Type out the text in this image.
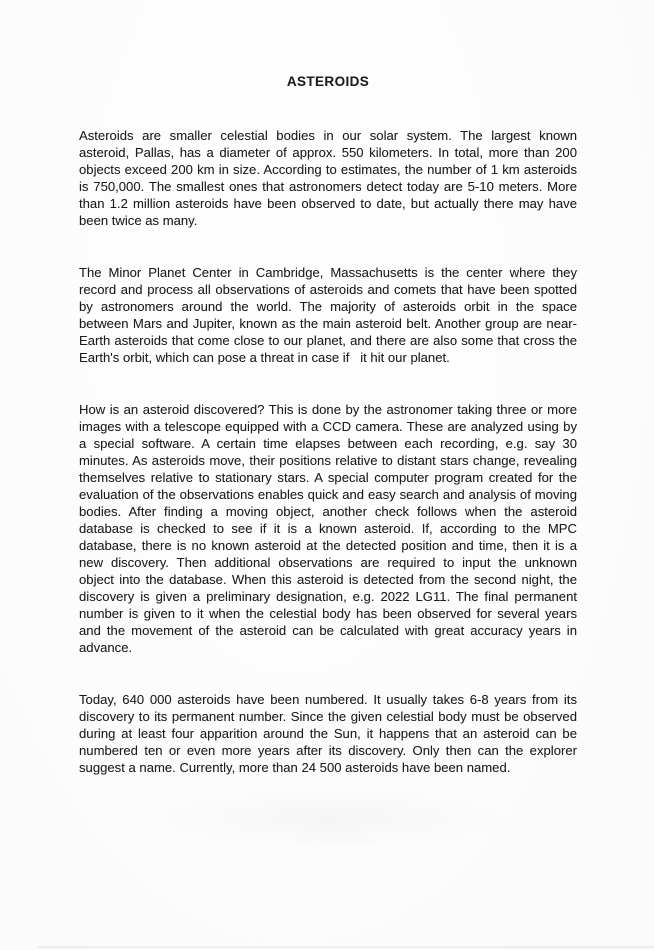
ASTEROIDS
Asteroids are smaller celestial bodies in our solar system. The largest known
asteroid, Pallas, has a diameter of approx. 550 kilometers. In total, more than 200
objects exceed 200 km in size. According to estimates, the number of 1 km asteroids
is 750,000. The smallest ones that astronomers detect today are 5-10 meters. More
than 1.2 million asteroids have been observed to date, but actually there may have
been twice as many.
The Minor Planet Center in Cambridge, Massachusetts is the center where they
record and process all observations of asteroids and comets that have been spotted
by astronomers around the world. The majority of asteroids orbit in the space
between Mars and Jupiter, known as the main asteroid belt. Another group are near-
Earth asteroids that come close to our planet, and there are also some that cross the
Earth's orbit, which can pose a threat in case if   it hit our planet.
How is an asteroid discovered? This is done by the astronomer taking three or more
images with a telescope equipped with a CCD camera. These are analyzed using by
a special software. A certain time elapses between each recording, e.g. say 30
minutes. As asteroids move, their positions relative to distant stars change, revealing
themselves relative to stationary stars. A special computer program created for the
evaluation of the observations enables quick and easy search and analysis of moving
bodies. After finding a moving object, another check follows when the asteroid
database is checked to see if it is a known asteroid. If, according to the MPC
database, there is no known asteroid at the detected position and time, then it is a
new discovery. Then additional observations are required to input the unknown
object into the database. When this asteroid is detected from the second night, the
discovery is given a preliminary designation, e.g. 2022 LG11. The final permanent
number is given to it when the celestial body has been observed for several years
and the movement of the asteroid can be calculated with great accuracy years in
advance.
Today, 640 000 asteroids have been numbered. It usually takes 6-8 years from its
discovery to its permanent number. Since the given celestial body must be observed
during at least four apparition around the Sun, it happens that an asteroid can be
numbered ten or even more years after its discovery. Only then can the explorer
suggest a name. Currently, more than 24 500 asteroids have been named.
